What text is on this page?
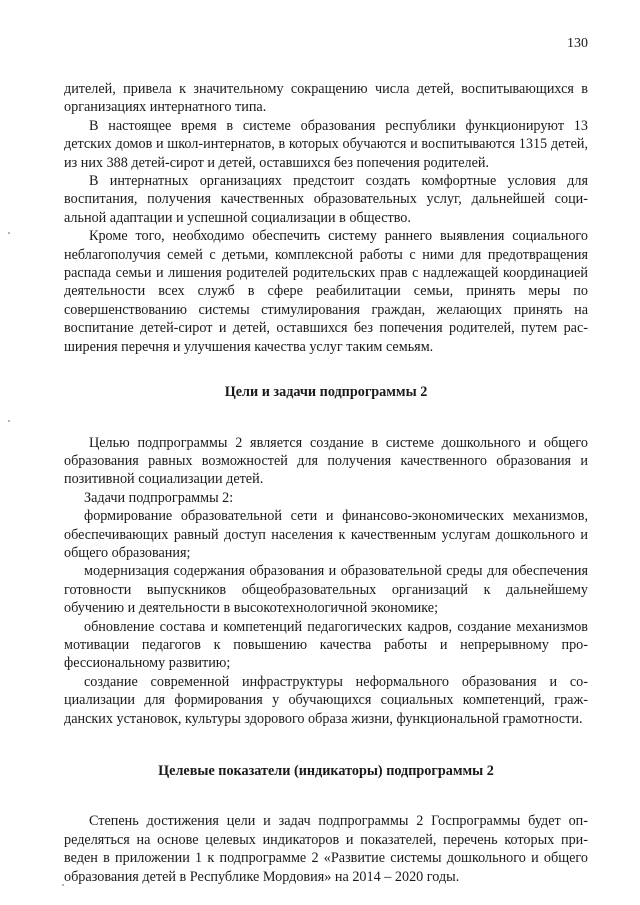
130

дителей, привела к значительному сокращению числа детей, воспитывающихся в организациях интернатного типа.

В настоящее время в системе образования республики функционируют 13 детских домов и школ-интернатов, в которых обучаются и воспитываются 1315 детей, из них 388 детей-сирот и детей, оставшихся без попечения родителей.

В интернатных организациях предстоит создать комфортные условия для воспитания, получения качественных образовательных услуг, дальнейшей социальной адаптации и успешной социализации в общество.

Кроме того, необходимо обеспечить систему раннего выявления социального неблагополучия семей с детьми, комплексной работы с ними для предотвращения распада семьи и лишения родителей родительских прав с надлежащей координацией деятельности всех служб в сфере реабилитации семьи, принять меры по совершенствованию системы стимулирования граждан, желающих принять на воспитание детей-сирот и детей, оставшихся без попечения родителей, путем расширения перечня и улучшения качества услуг таким семьям.

Цели и задачи подпрограммы 2

Целью подпрограммы 2 является создание в системе дошкольного и общего образования равных возможностей для получения качественного образования и позитивной социализации детей.

Задачи подпрограммы 2:

формирование образовательной сети и финансово-экономических механизмов, обеспечивающих равный доступ населения к качественным услугам дошкольного и общего образования;

модернизация содержания образования и образовательной среды для обеспечения готовности выпускников общеобразовательных организаций к дальнейшему обучению и деятельности в высокотехнологичной экономике;

обновление состава и компетенций педагогических кадров, создание механизмов мотивации педагогов к повышению качества работы и непрерывному профессиональному развитию;

создание современной инфраструктуры неформального образования и социализации для формирования у обучающихся социальных компетенций, гражданских установок, культуры здорового образа жизни, функциональной грамотности.

Целевые показатели (индикаторы) подпрограммы 2

Степень достижения цели и задач подпрограммы 2 Госпрограммы будет определяться на основе целевых индикаторов и показателей, перечень которых приведен в приложении 1 к подпрограмме 2 «Развитие системы дошкольного и общего образования детей в Республике Мордовия» на 2014 – 2020 годы.
